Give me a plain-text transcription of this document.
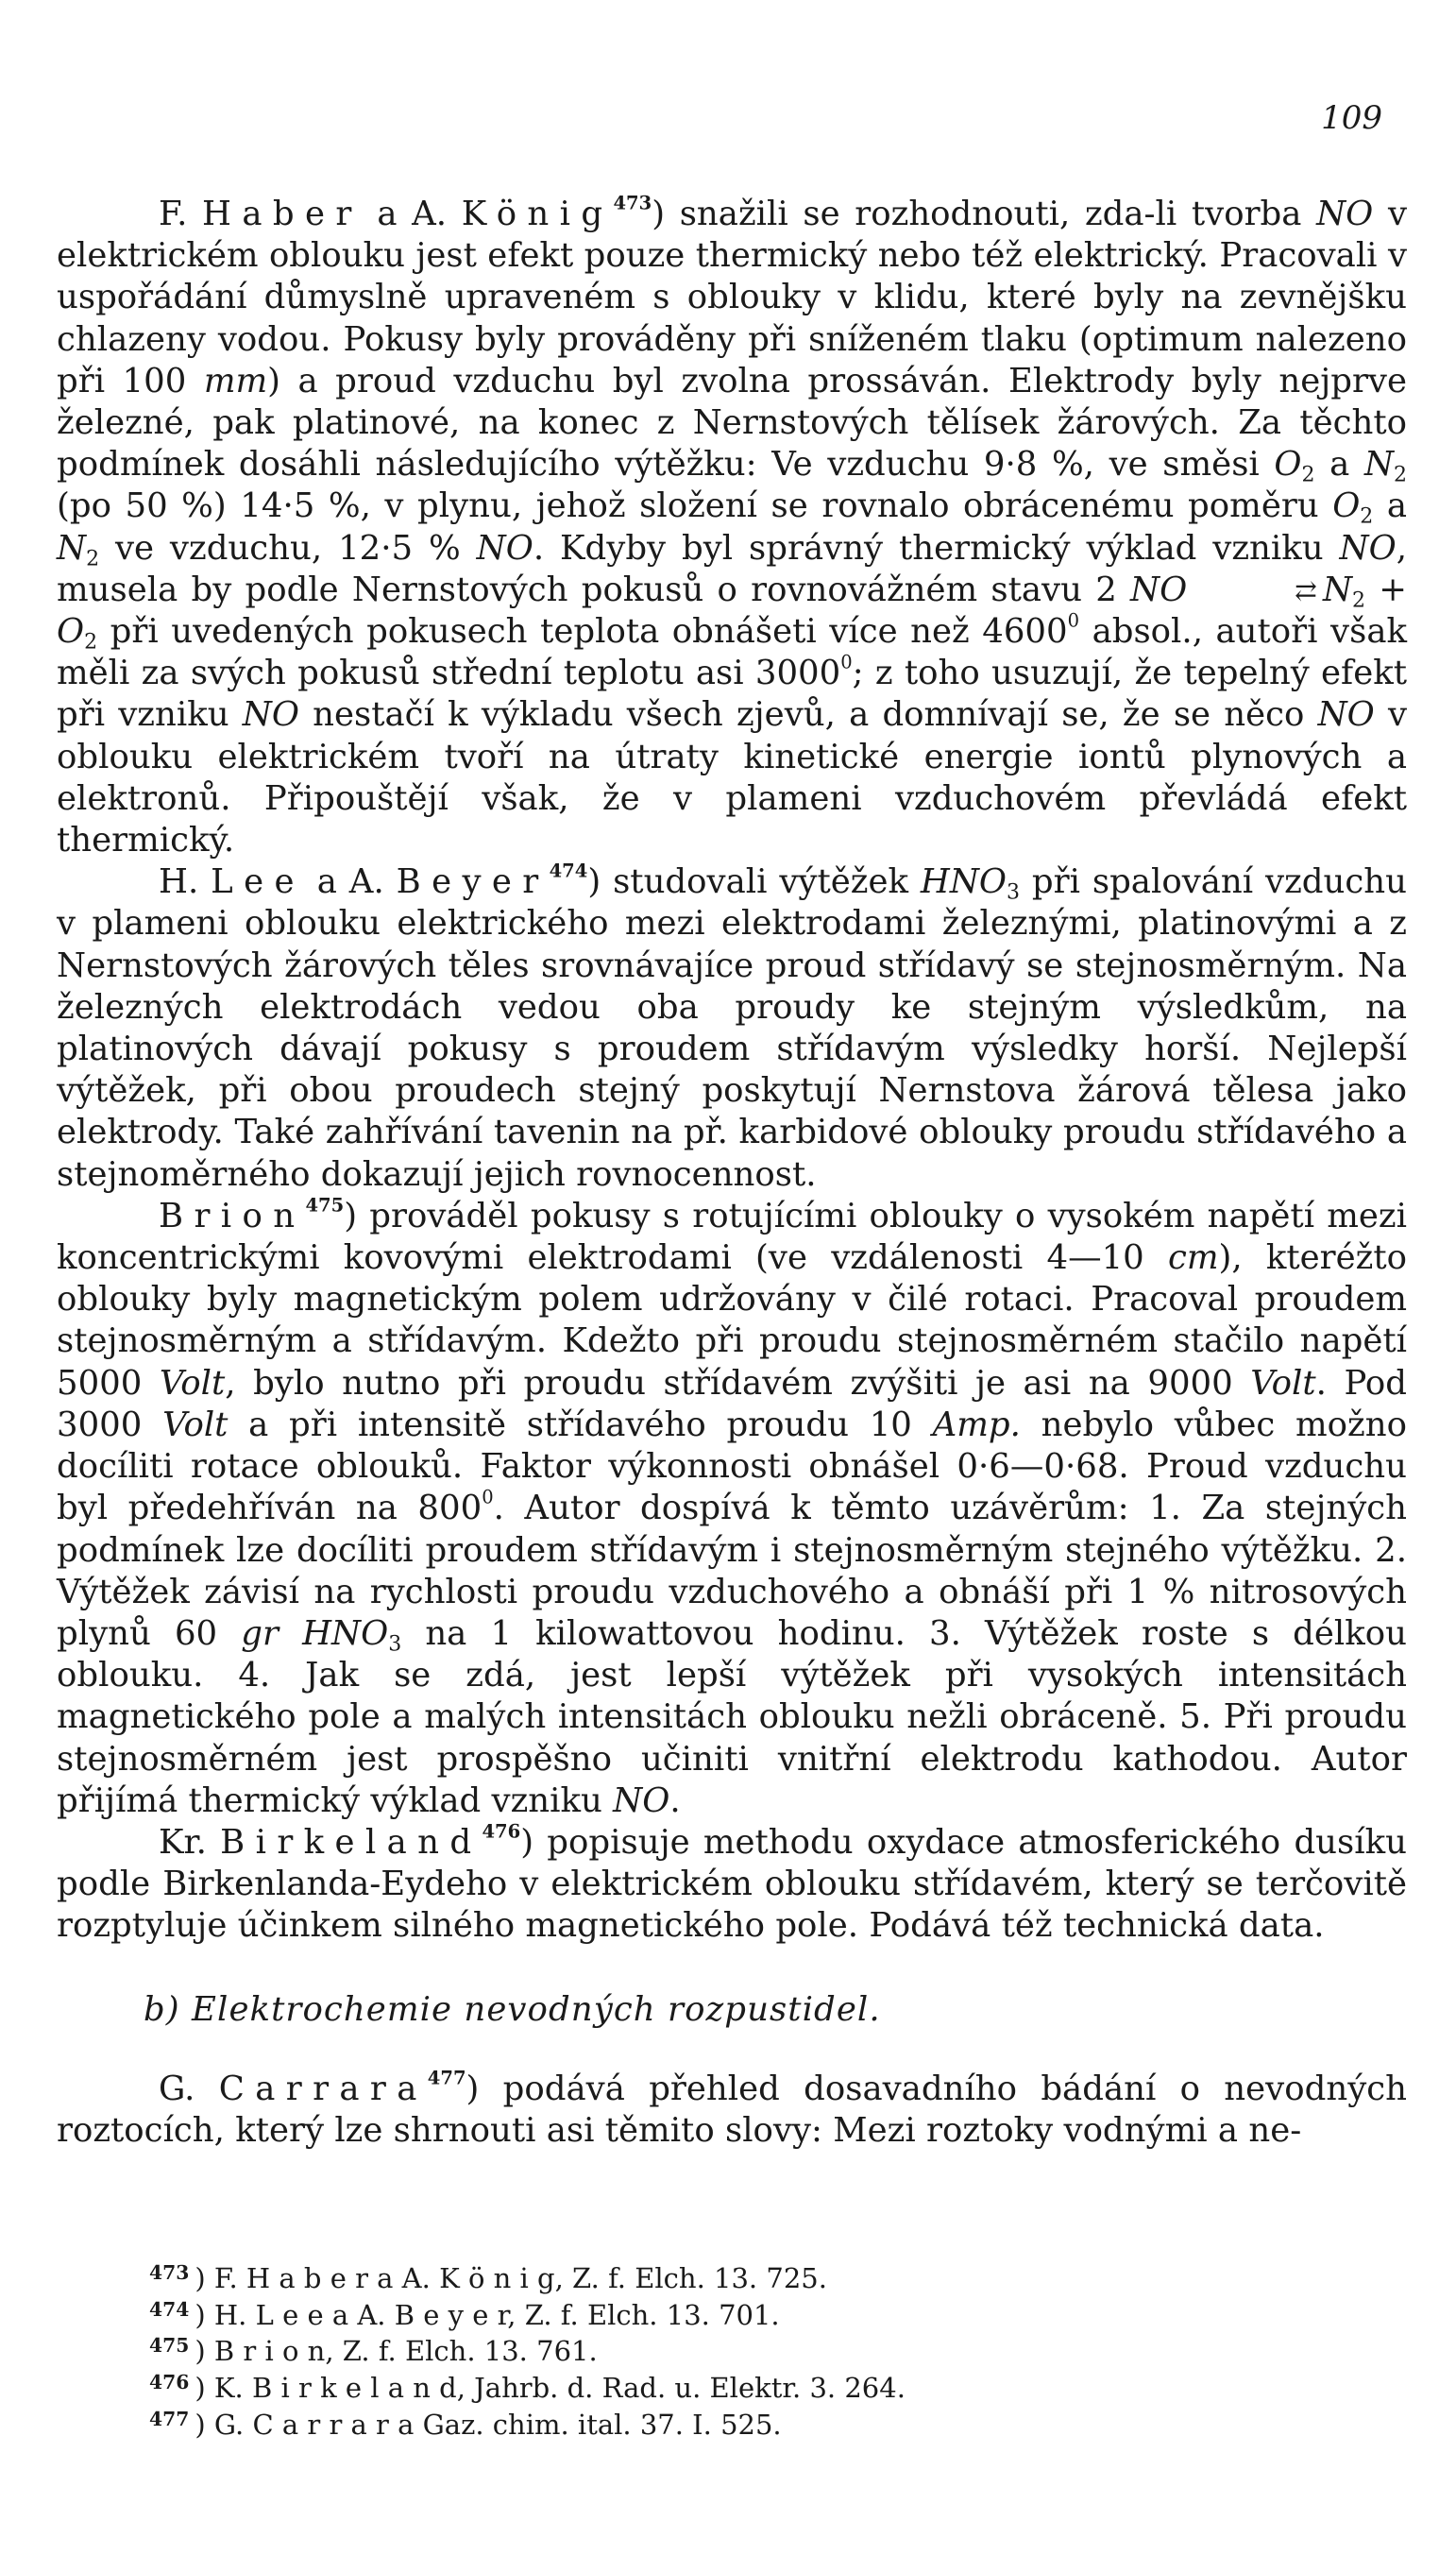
109

F. Haber a A. König$^{473}$) snažili se rozhodnouti, zda-li tvorba NO v elektrickém oblouku jest efekt pouze thermický nebo též elektrický. Pracovali v uspořádání důmyslně upraveném s oblouky v klidu, které byly na zevnějšku chlazeny vodou. Pokusy byly prováděny při sníženém tlaku (optimum nalezeno při 100 mm) a proud vzduchu byl zvolna prossáván. Elektrody byly nejprve železné, pak platinové, na konec z Nernstových tělísek žárových. Za těchto podmínek dosáhli následujícího výtěžku: Ve vzduchu 9·8 %, ve směsi $O_2$ a $N_2$ (po 50 %) 14·5 %, v plynu, jehož složení se rovnalo obrácenému poměru $O_2$ a $N_2$ ve vzduchu, 12·5 % NO. Kdyby byl správný thermický výklad vzniku NO, musela by podle Nernstových pokusů o rovnovážném stavu 2 NO	⇄ $N_2 + O_2$ při uvedených pokusech teplota obnášeti více než 4600$^0$ absol., autoři však měli za svých pokusů střední teplotu asi 3000$^0$; z toho usuzují, že tepelný efekt při vzniku NO nestačí k výkladu všech zjevů, a domnívají se, že se něco NO v oblouku elektrickém tvoří na útraty kinetické energie iontů plynových a elektronů. Připouštějí však, že v plameni vzduchovém převládá efekt thermický.

H. Lee a A. Beyer$^{474}$) studovali výtěžek $HNO_3$ při spalování vzduchu v plameni oblouku elektrického mezi elektrodami železnými, platinovými a z Nernstových žárových těles srovnávajíce proud střídavý se stejnosměrným. Na železných elektrodách vedou oba proudy ke stejným výsledkům, na platinových dávají pokusy s proudem střídavým výsledky horší. Nejlepší výtěžek, při obou proudech stejný poskytují Nernstova žárová tělesa jako elektrody. Také zahřívání tavenin na př. karbidové oblouky proudu střídavého a stejnoměrného dokazují jejich rovnocennost.

Brion$^{475}$) prováděl pokusy s rotujícími oblouky o vysokém napětí mezi koncentrickými kovovými elektrodami (ve vzdálenosti 4—10 cm), kteréžto oblouky byly magnetickým polem udržovány v čilé rotaci. Pracoval proudem stejnosměrným a střídavým. Kdežto při proudu stejnosměrném stačilo napětí 5000 Volt, bylo nutno při proudu střídavém zvýšiti je asi na 9000 Volt. Pod 3000 Volt a při intensitě střídavého proudu 10 Amp. nebylo vůbec možno docíliti rotace oblouků. Faktor výkonnosti obnášel 0·6—0·68. Proud vzduchu byl předehříván na $800^0$. Autor dospívá k těmto uzávěrům: 1. Za stejných podmínek lze docíliti proudem střídavým i stejnosměrným stejného výtěžku. 2. Výtěžek závisí na rychlosti proudu vzduchového a obnáší při 1 % nitrosových plynů 60 gr $HNO_3$ na 1 kilowattovou hodinu. 3. Výtěžek roste s délkou oblouku. 4. Jak se zdá, jest lepší výtěžek při vysokých intensitách magnetického pole a malých intensitách oblouku nežli obráceně. 5. Při proudu stejnosměrném jest prospěšno učiniti vnitřní elektrodu kathodou. Autor přijímá thermický výklad vzniku NO.

Kr. Birkeland$^{476}$) popisuje methodu oxydace atmosferického dusíku podle Birkenlanda-Eydeho v elektrickém oblouku střídavém, který se terčovitě rozptyluje účinkem silného magnetického pole. Podává též technická data.

b) Elektrochemie nevodných rozpustidel.

G. Carrara$^{477}$) podává přehled dosavadního bádání o nevodných roztocích, který lze shrnouti asi těmito slovy: Mezi roztoky vodnými a ne-

$^{473}$ ) F. H a b e r a A. K ö n i g, Z. f. Elch. 13. 725.
$^{474}$ ) H. L e e a A. B e y e r, Z. f. Elch. 13. 701.
$^{475}$ ) B r i o n, Z. f. Elch. 13. 761.
$^{476}$ ) K. B i r k e l a n d, Jahrb. d. Rad. u. Elektr. 3. 264.
$^{477}$ ) G. C a r r a r a Gaz. chim. ital. 37. I. 525.
